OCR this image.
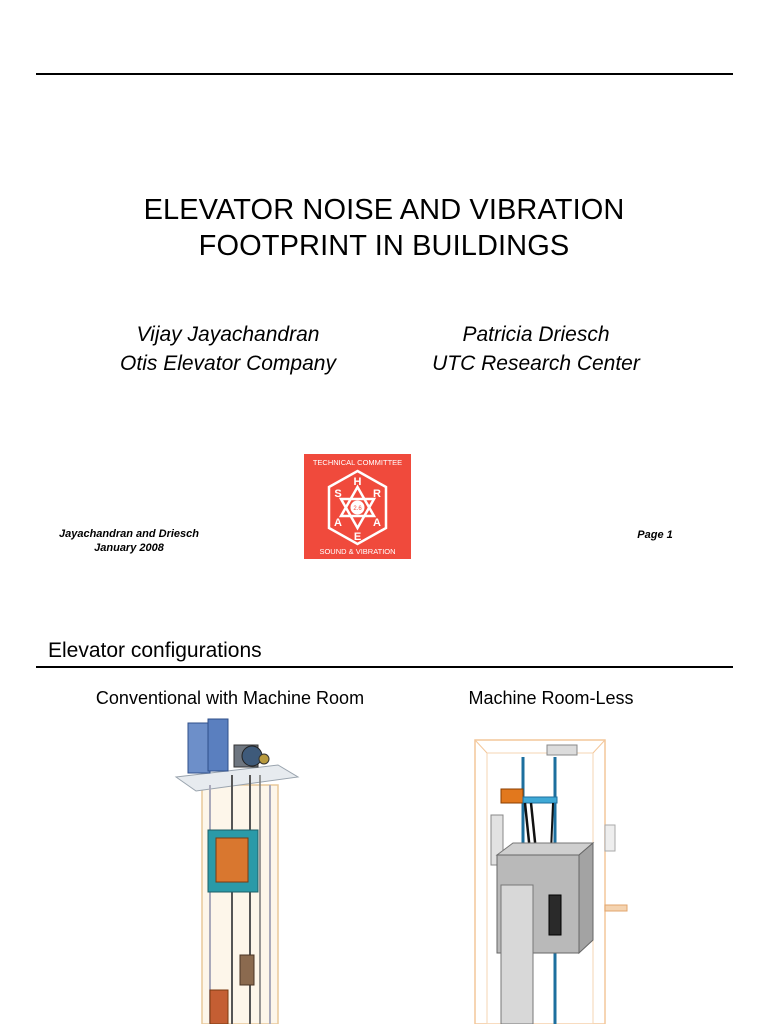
ELEVATOR NOISE AND VIBRATION
FOOTPRINT IN BUILDINGS
Vijay Jayachandran
Otis Elevator Company
Patricia Driesch
UTC Research Center
Jayachandran and Driesch
January 2008
Page 1
TECHNICAL COMMITTEE
2.6
H
R
A
E
A
S
SOUND & VIBRATION
Elevator configurations
Conventional with Machine Room	Machine Room-Less
